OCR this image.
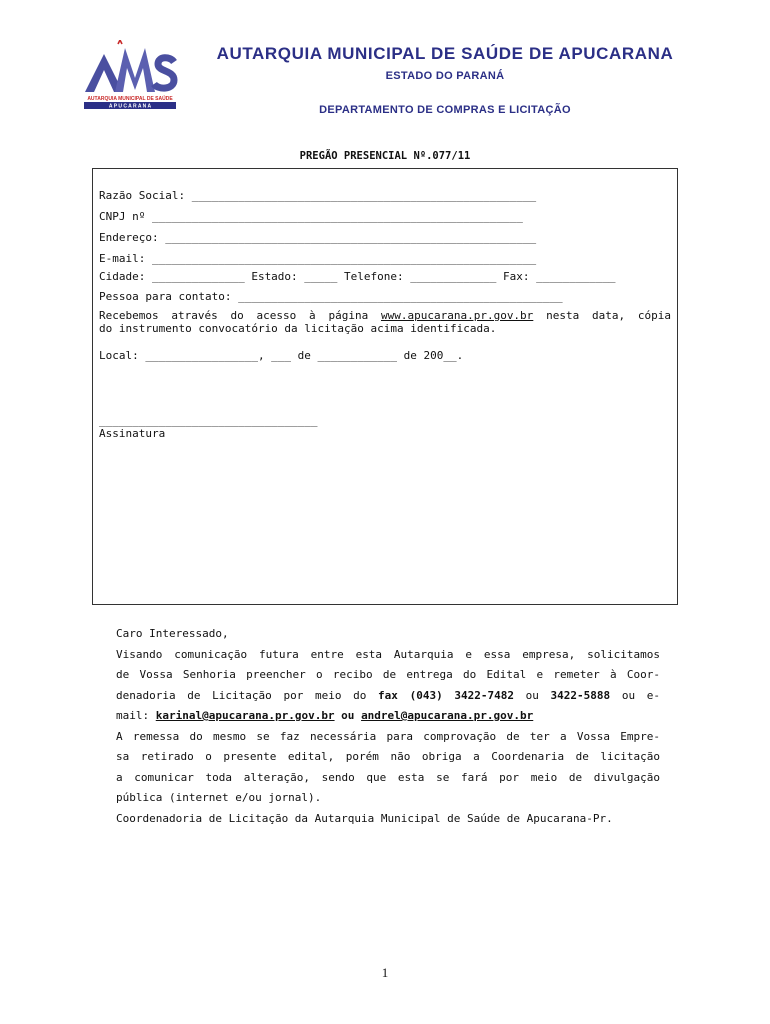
AUTARQUIA MUNICIPAL DE SAÚDE
A P U C A R A N A
AUTARQUIA MUNICIPAL DE SAÚDE DE APUCARANA
ESTADO DO PARANÁ
DEPARTAMENTO DE COMPRAS E LICITAÇÃO
PREGÃO PRESENCIAL Nº.077/11
Razão Social: ____________________________________________________
CNPJ nº ________________________________________________________
Endereço: ________________________________________________________
E-mail: __________________________________________________________
Cidade: ______________ Estado: _____ Telefone: _____________ Fax: ____________
Pessoa para contato: _________________________________________________
Recebemos através do acesso à página www.apucarana.pr.gov.br nesta data, cópia
do instrumento convocatório da licitação acima identificada.
Local: _________________, ___ de ____________ de 200__.
_________________________________
Assinatura

Caro Interessado,

Visando comunicação futura entre esta Autarquia e essa empresa, solicitamos

de Vossa Senhoria preencher o recibo de entrega do Edital e remeter à Coor-

denadoria de Licitação por meio do fax (043) 3422-7482 ou 3422-5888 ou e-

mail: karinal@apucarana.pr.gov.br ou andrel@apucarana.pr.gov.br

A remessa do mesmo se faz necessária para comprovação de ter a Vossa Empre-

sa retirado o presente edital, porém não obriga a Coordenaria de licitação

a comunicar toda alteração, sendo que esta se fará por meio de divulgação

pública (internet e/ou jornal).

Coordenadoria de Licitação da Autarquia Municipal de Saúde de Apucarana-Pr.

1
